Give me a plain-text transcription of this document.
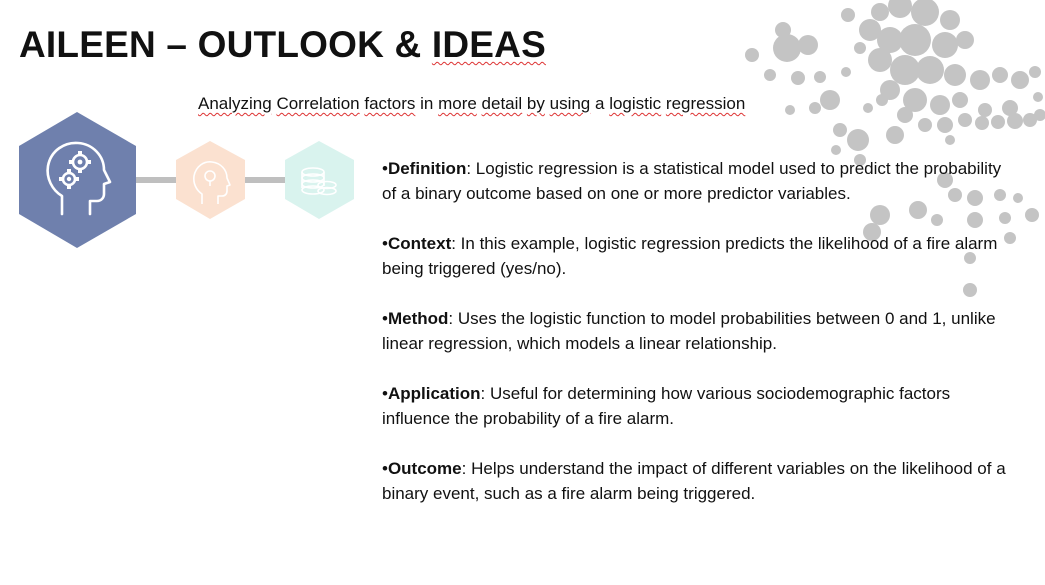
AILEEN – OUTLOOK & IDEAS
Analyzing Correlation factors in more detail by using a logistic regression

•Definition: Logistic regression is a statistical model used to predict the probability of a binary outcome based on one or more predictor variables.

•Context: In this example, logistic regression predicts the likelihood of a fire alarm being triggered (yes/no).

•Method: Uses the logistic function to model probabilities between 0 and 1, unlike linear regression, which models a linear relationship.

•Application: Useful for determining how various sociodemographic factors influence the probability of a fire alarm.

•Outcome: Helps understand the impact of different variables on the likelihood of a binary event, such as a fire alarm being triggered.
